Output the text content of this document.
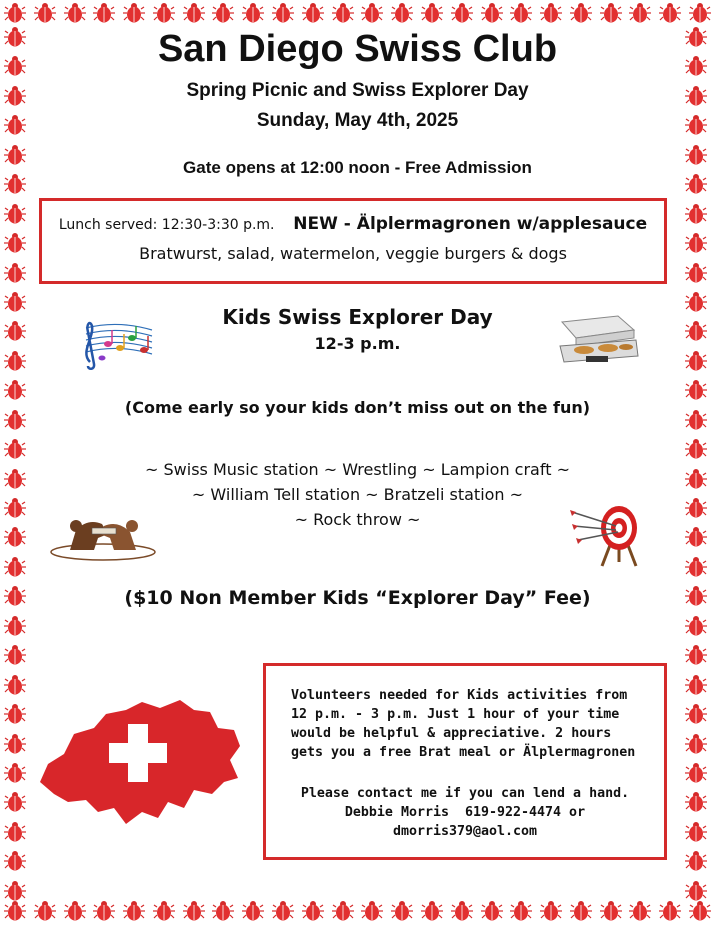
San Diego Swiss Club
Spring Picnic and Swiss Explorer Day
Sunday, May 4th, 2025
Gate opens at 12:00 noon - Free Admission
Lunch served: 12:30-3:30 p.m. NEW - Älplermagronen w/applesauce
Bratwurst, salad, watermelon, veggie burgers & dogs
Kids Swiss Explorer Day
12-3 p.m.
(Come early so your kids don’t miss out on the fun)
~ Swiss Music station ~ Wrestling ~ Lampion craft ~
~ William Tell station ~ Bratzeli station ~
~ Rock throw ~
($10 Non Member Kids “Explorer Day” Fee)
Volunteers needed for Kids activities from
12 p.m. - 3 p.m. Just 1 hour of your time
would be helpful & appreciative. 2 hours
gets you a free Brat meal or Älplermagronen
Please contact me if you can lend a hand.
Debbie Morris  619-922-4474 or
dmorris379@aol.com
